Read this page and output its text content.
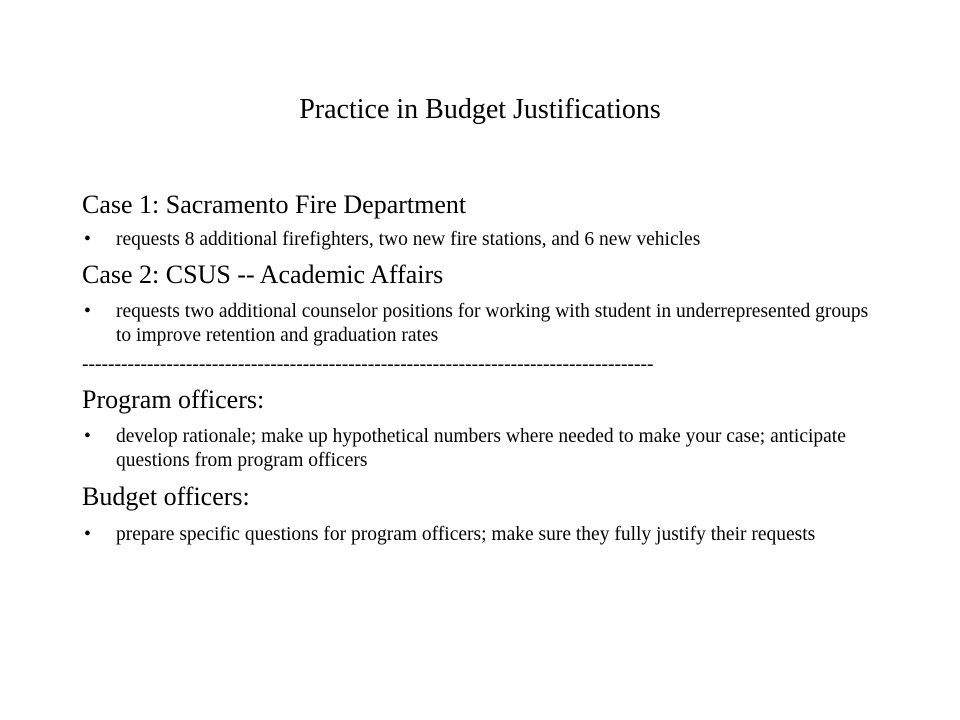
Practice in Budget Justifications

Case 1: Sacramento Fire Department

• requests 8 additional firefighters, two new fire stations, and 6 new vehicles

Case 2: CSUS -- Academic Affairs

• requests two additional counselor positions for working with student in underrepresented groups to improve retention and graduation rates

----------------------------------------------------------------------------------------

Program officers:

• develop rationale; make up hypothetical numbers where needed to make your case; anticipate questions from program officers

Budget officers:

• prepare specific questions for program officers; make sure they fully justify their requests
